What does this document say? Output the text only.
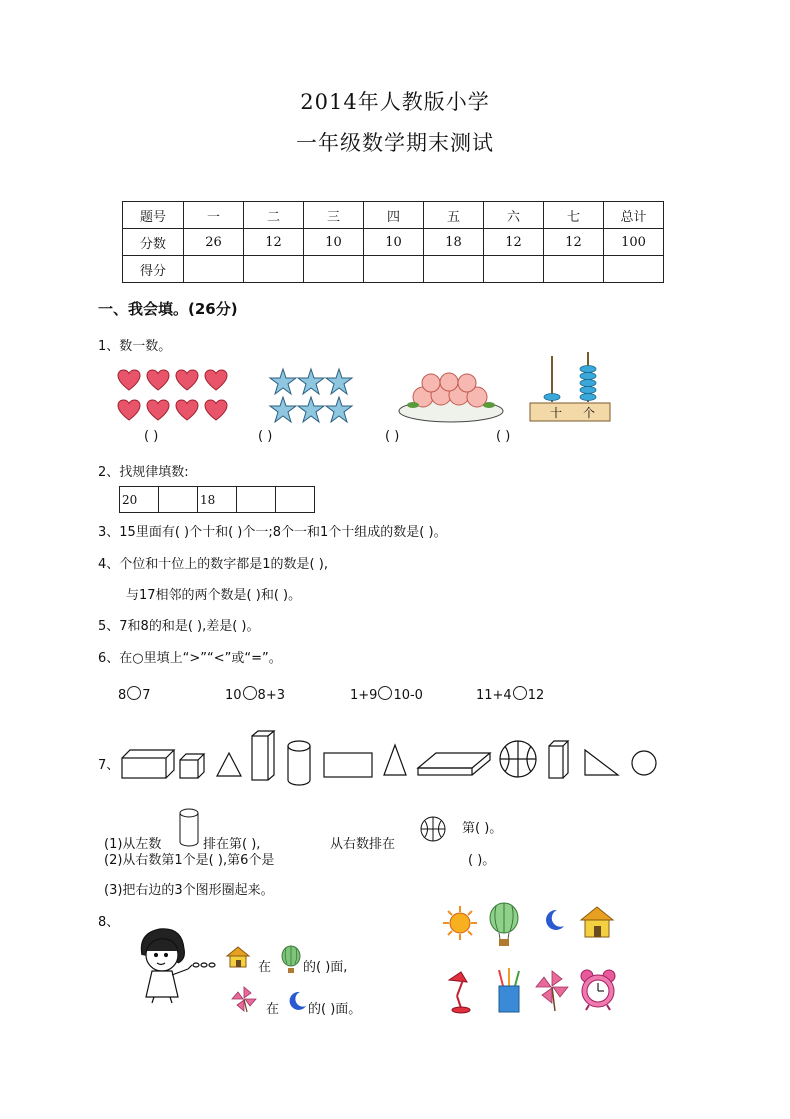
2014年人教版小学
一年级数学期末测试
题号	一	二	三	四	五	六	七	总计
分数	26	12	10	10	18	12	12	100
得分								
一、我会填。(26分)
1、数一数。
十 个
( )	( )	( )	( )
2、找规律填数:
20		18		
3、15里面有( )个十和( )个一;8个一和1个十组成的数是( )。
4、个位和十位上的数字都是1的数是( ),
与17相邻的两个数是( )和( )。
5、7和8的和是( ),差是( )。
6、在○里填上“>”“<”或“=”。
8 7	10 8+3	1+9 10-0	11+4 12
7、
(1)从左数	排在第( ),	从右数排在
第( )。
(2)从右数第1个是( ),第6个是	( )。
(3)把右边的3个图形圈起来。
8、
在 的( )面,
在 的( )面。
